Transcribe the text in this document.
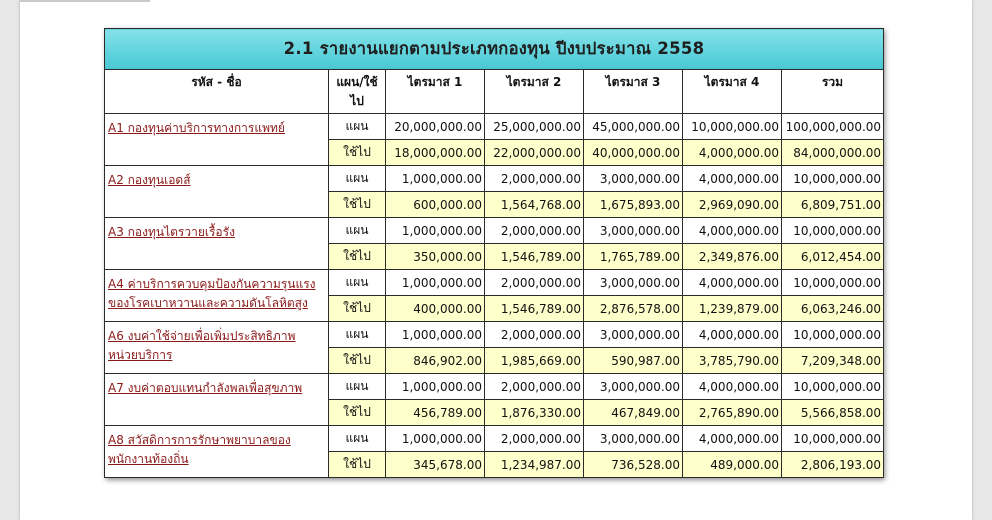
2.1 รายงานแยกตามประเภทกองทุน ปีงบประมาณ 2558						
รหัส - ชื่อ	แผน/ใช้ไป	ไตรมาส 1	ไตรมาส 2	ไตรมาส 3	ไตรมาส 4	รวม
A1 กองทุนค่าบริการทางการแพทย์	แผน	20,000,000.00	25,000,000.00	45,000,000.00	10,000,000.00	100,000,000.00
	ใช้ไป	18,000,000.00	22,000,000.00	40,000,000.00	4,000,000.00	84,000,000.00
A2 กองทุนเอดส์	แผน	1,000,000.00	2,000,000.00	3,000,000.00	4,000,000.00	10,000,000.00
	ใช้ไป	600,000.00	1,564,768.00	1,675,893.00	2,969,090.00	6,809,751.00
A3 กองทุนไตรวายเรื้อรัง	แผน	1,000,000.00	2,000,000.00	3,000,000.00	4,000,000.00	10,000,000.00
	ใช้ไป	350,000.00	1,546,789.00	1,765,789.00	2,349,876.00	6,012,454.00
A4 ค่าบริการควบคุมป้องกันความรุนแรงของโรคเบาหวานและความดันโลหิตสูง	แผน	1,000,000.00	2,000,000.00	3,000,000.00	4,000,000.00	10,000,000.00
	ใช้ไป	400,000.00	1,546,789.00	2,876,578.00	1,239,879.00	6,063,246.00
A6 งบค่าใช้จ่ายเพื่อเพิ่มประสิทธิภาพหน่วยบริการ	แผน	1,000,000.00	2,000,000.00	3,000,000.00	4,000,000.00	10,000,000.00
	ใช้ไป	846,902.00	1,985,669.00	590,987.00	3,785,790.00	7,209,348.00
A7 งบค่าตอบแทนกำลังพลเพื่อสุขภาพ	แผน	1,000,000.00	2,000,000.00	3,000,000.00	4,000,000.00	10,000,000.00
	ใช้ไป	456,789.00	1,876,330.00	467,849.00	2,765,890.00	5,566,858.00
A8 สวัสดิการการรักษาพยาบาลของพนักงานท้องถิ่น	แผน	1,000,000.00	2,000,000.00	3,000,000.00	4,000,000.00	10,000,000.00
	ใช้ไป	345,678.00	1,234,987.00	736,528.00	489,000.00	2,806,193.00
